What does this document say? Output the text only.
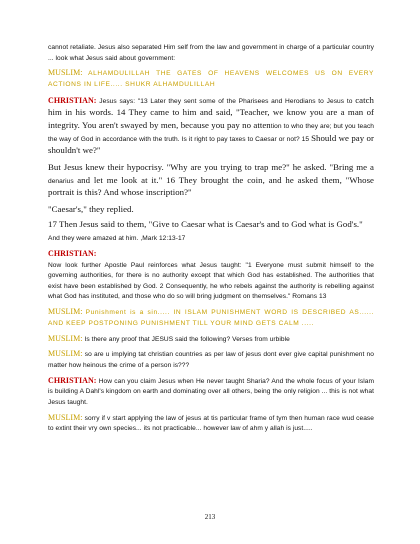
cannot retaliate. Jesus also separated Him self from the law and government in charge of a particular country ... look what Jesus said about government:

MUSLIM: ALHAMDULILLAH THE GATES OF HEAVENS WELCOMES US ON EVERY ACTIONS IN LIFE..... SHUKR ALHAMDULILLAH

CHRISTIAN: Jesus says: "13 Later they sent some of the Pharisees and Herodians to Jesus to catch him in his words. 14 They came to him and said, "Teacher, we know you are a man of integrity. You aren't swayed by men, because you pay no attention to who they are; but you teach the way of God in accordance with the truth. Is it right to pay taxes to Caesar or not? 15 Should we pay or shouldn't we?"

But Jesus knew their hypocrisy. "Why are you trying to trap me?" he asked. "Bring me a denarius and let me look at it." 16 They brought the coin, and he asked them, "Whose portrait is this? And whose inscription?"

"Caesar's," they replied.

17 Then Jesus said to them, "Give to Caesar what is Caesar's and to God what is God's."

And they were amazed at him. ,Mark 12:13-17

CHRISTIAN:
Now look further Apostle Paul reinforces what Jesus taught: "1 Everyone must submit himself to the governing authorities, for there is no authority except that which God has established. The authorities that exist have been established by God. 2 Consequently, he who rebels against the authority is rebelling against what God has instituted, and those who do so will bring judgment on themselves." Romans 13

MUSLIM: Punishment is a sin..... IN ISLAM PUNISHMENT WORD IS DESCRIBED AS...... AND KEEP POSTPONING PUNISHMENT TILL YOUR MIND GETS CALM .....

MUSLIM: Is there any proof that JESUS said the following? Verses from urbible

MUSLIM: so are u implying tat christian countries as per law of jesus dont ever give capital punishment no matter how heinous the crime of a person is???

CHRISTIAN: How can you claim Jesus when He never taught Sharia? And the whole focus of your Islam is building A Dahl's kingdom on earth and dominating over all others, being the only religion ... this is not what Jesus taught.

MUSLIM: sorry if v start applying the law of jesus at tis particular frame of tym then human race wud cease to extint their vry own species... its not practicable... however law of ahm y allah is just.....

213
